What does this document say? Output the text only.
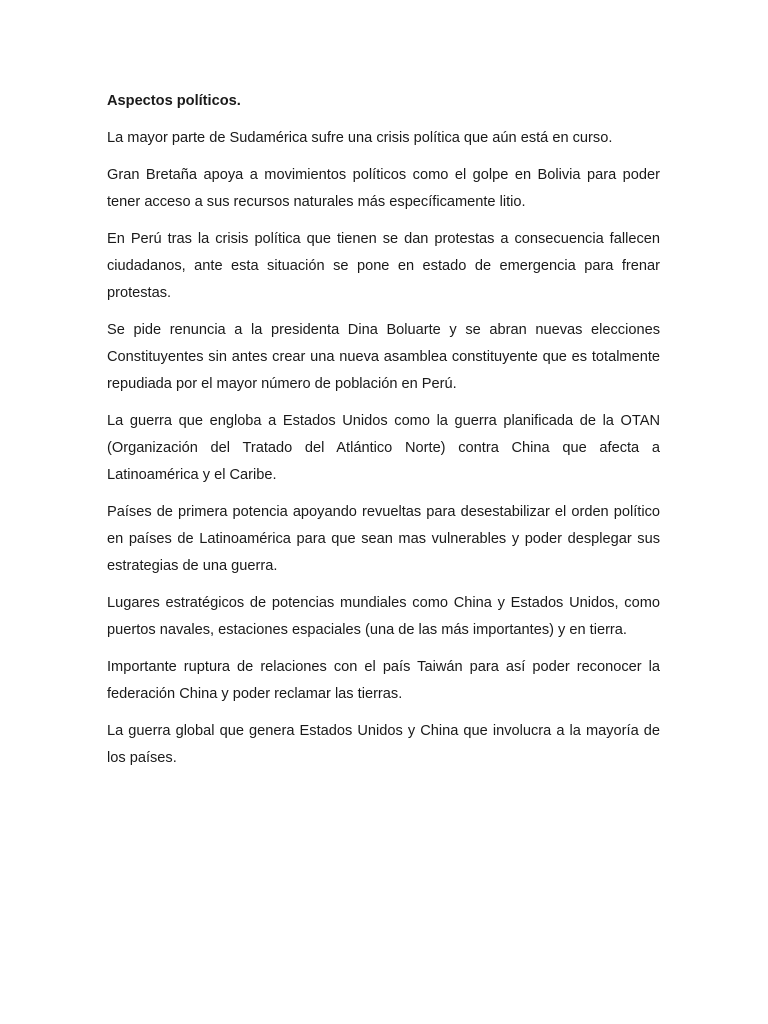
Aspectos políticos.

La mayor parte de Sudamérica sufre una crisis política que aún está en curso.

Gran Bretaña apoya a movimientos políticos como el golpe en Bolivia para poder tener acceso a sus recursos naturales más específicamente litio.

En Perú tras la crisis política que tienen se dan protestas a consecuencia fallecen ciudadanos, ante esta situación se pone en estado de emergencia para frenar protestas.

Se pide renuncia a la presidenta Dina Boluarte y se abran nuevas elecciones Constituyentes sin antes crear una nueva asamblea constituyente que es totalmente repudiada por el mayor número de población en Perú.

La guerra que engloba a Estados Unidos como la guerra planificada de la OTAN (Organización del Tratado del Atlántico Norte) contra China que afecta a Latinoamérica y el Caribe.

Países de primera potencia apoyando revueltas para desestabilizar el orden político en países de Latinoamérica para que sean mas vulnerables y poder desplegar sus estrategias de una guerra.

Lugares estratégicos de potencias mundiales como China y Estados Unidos, como puertos navales, estaciones espaciales (una de las más importantes) y en tierra.

Importante ruptura de relaciones con el país Taiwán para así poder reconocer la federación China y poder reclamar las tierras.

La guerra global que genera Estados Unidos y China que involucra a la mayoría de los países.
